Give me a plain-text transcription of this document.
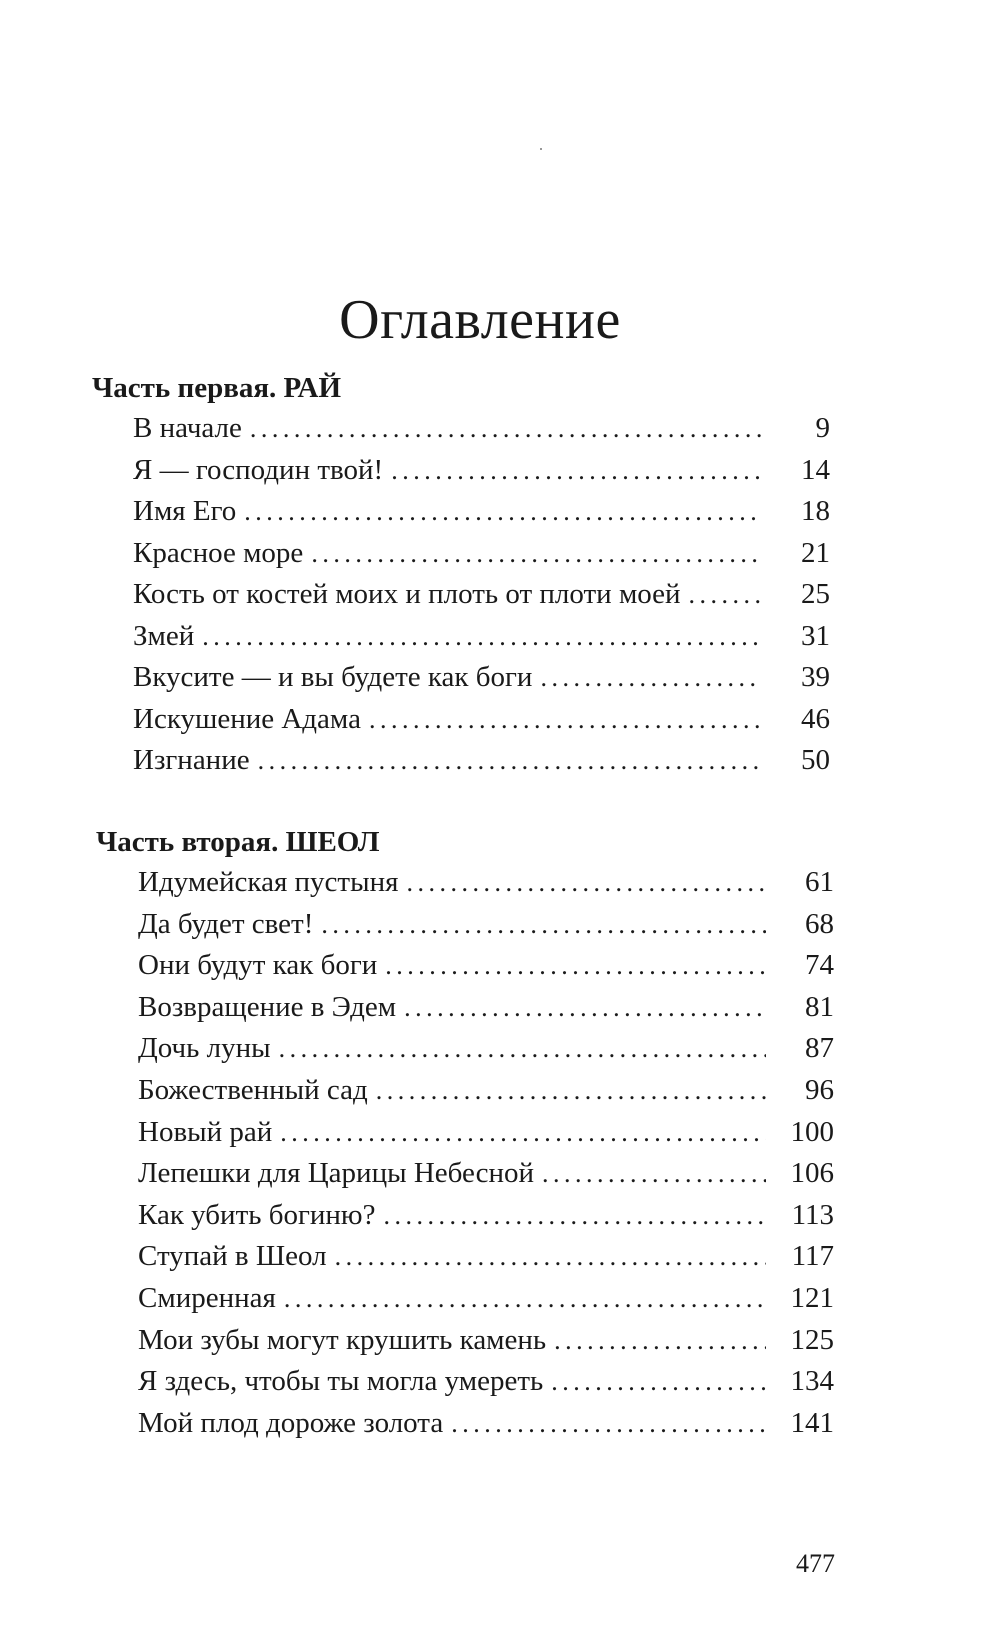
Оглавление
Часть первая. РАЙ
В начале . . .	9
Я — господин твой! . . .	14
Имя Его . . .	18
Красное море . . .	21
Кость от костей моих и плоть от плоти моей . . .	25
Змей . . .	31
Вкусите — и вы будете как боги . . .	39
Искушение Адама . . .	46
Изгнание . . .	50
Часть вторая. ШЕОЛ
Идумейская пустыня . . .	61
Да будет свет! . . .	68
Они будут как боги . . .	74
Возвращение в Эдем . . .	81
Дочь луны . . .	87
Божественный сад . . .	96
Новый рай . . .	100
Лепешки для Царицы Небесной . . .	106
Как убить богиню? . . .	113
Ступай в Шеол . . .	117
Смиренная . . .	121
Мои зубы могут крушить камень . . .	125
Я здесь, чтобы ты могла умереть . . .	134
Мой плод дороже золота . . .	141
477
